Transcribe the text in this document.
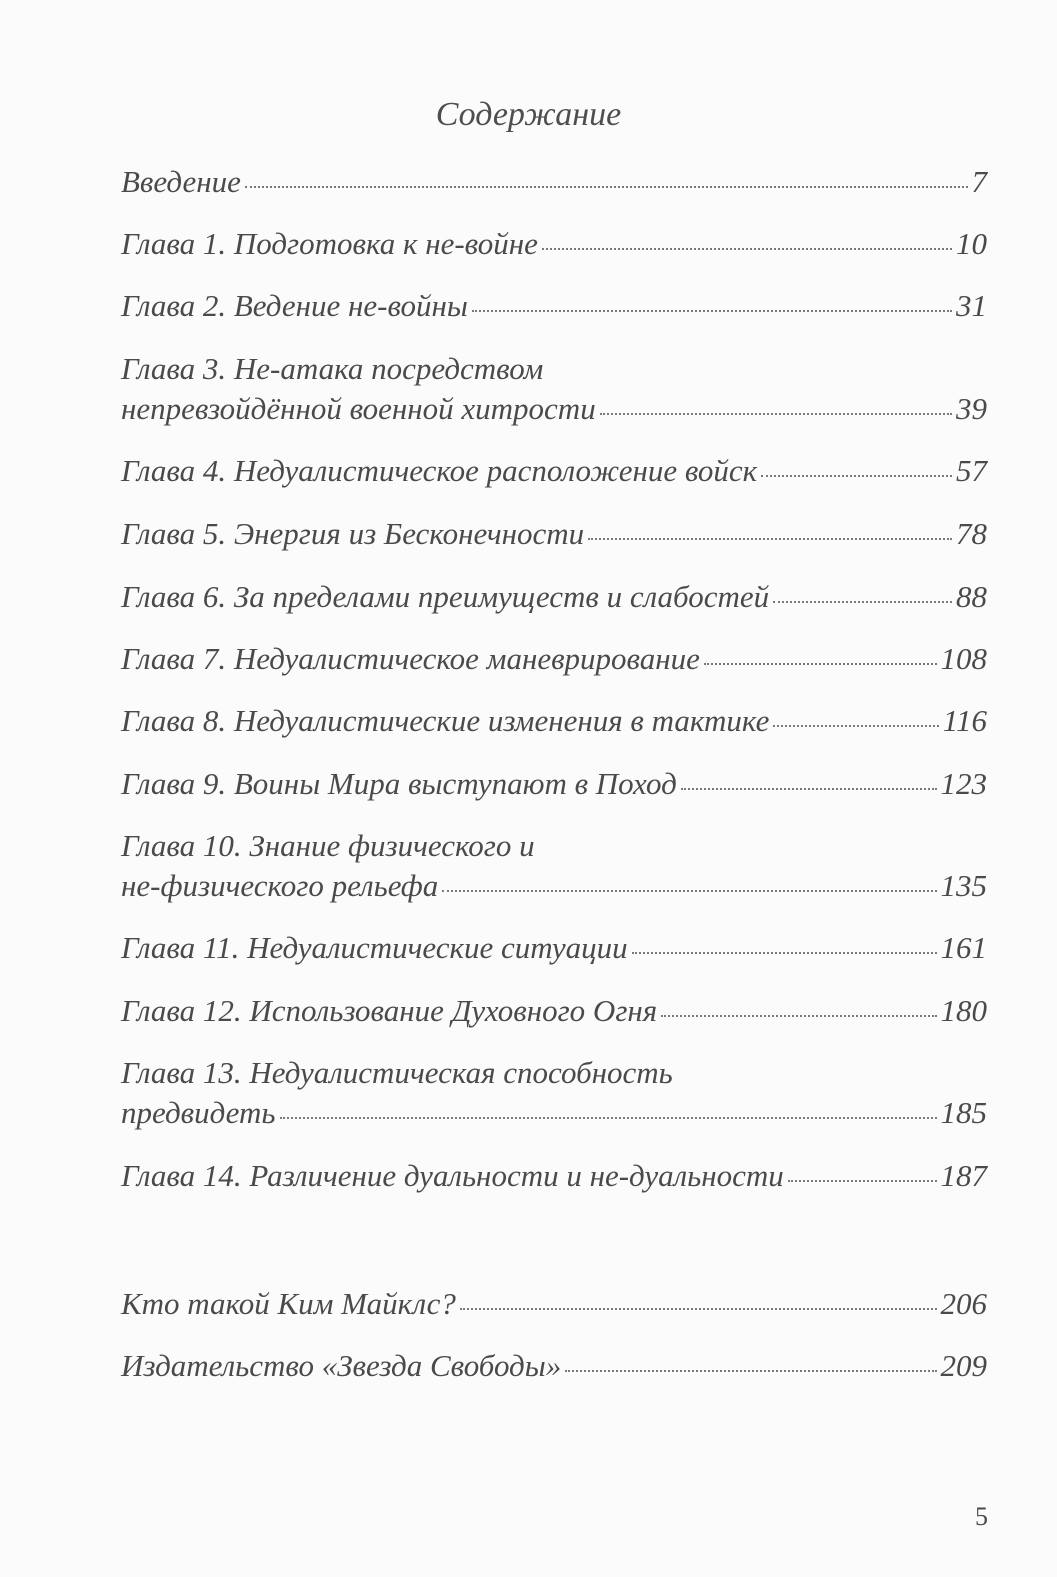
Содержание
Введение	7
Глава 1. Подготовка к не-войне	10
Глава 2. Ведение не-войны	31
Глава 3. Не-атака посредством
непревзойдённой военной хитрости	39
Глава 4. Недуалистическое расположение войск	57
Глава 5. Энергия из Бесконечности	78
Глава 6. За пределами преимуществ и слабостей	88
Глава 7. Недуалистическое маневрирование	108
Глава 8. Недуалистические изменения в тактике	116
Глава 9. Воины Мира выступают в Поход	123
Глава 10. Знание физического и
не-физического рельефа	135
Глава 11. Недуалистические ситуации	161
Глава 12. Использование Духовного Огня	180
Глава 13. Недуалистическая способность
предвидеть	185
Глава 14. Различение дуальности и не-дуальности	187
Кто такой Ким Майклс?	206
Издательство «Звезда Свободы»	209
5
